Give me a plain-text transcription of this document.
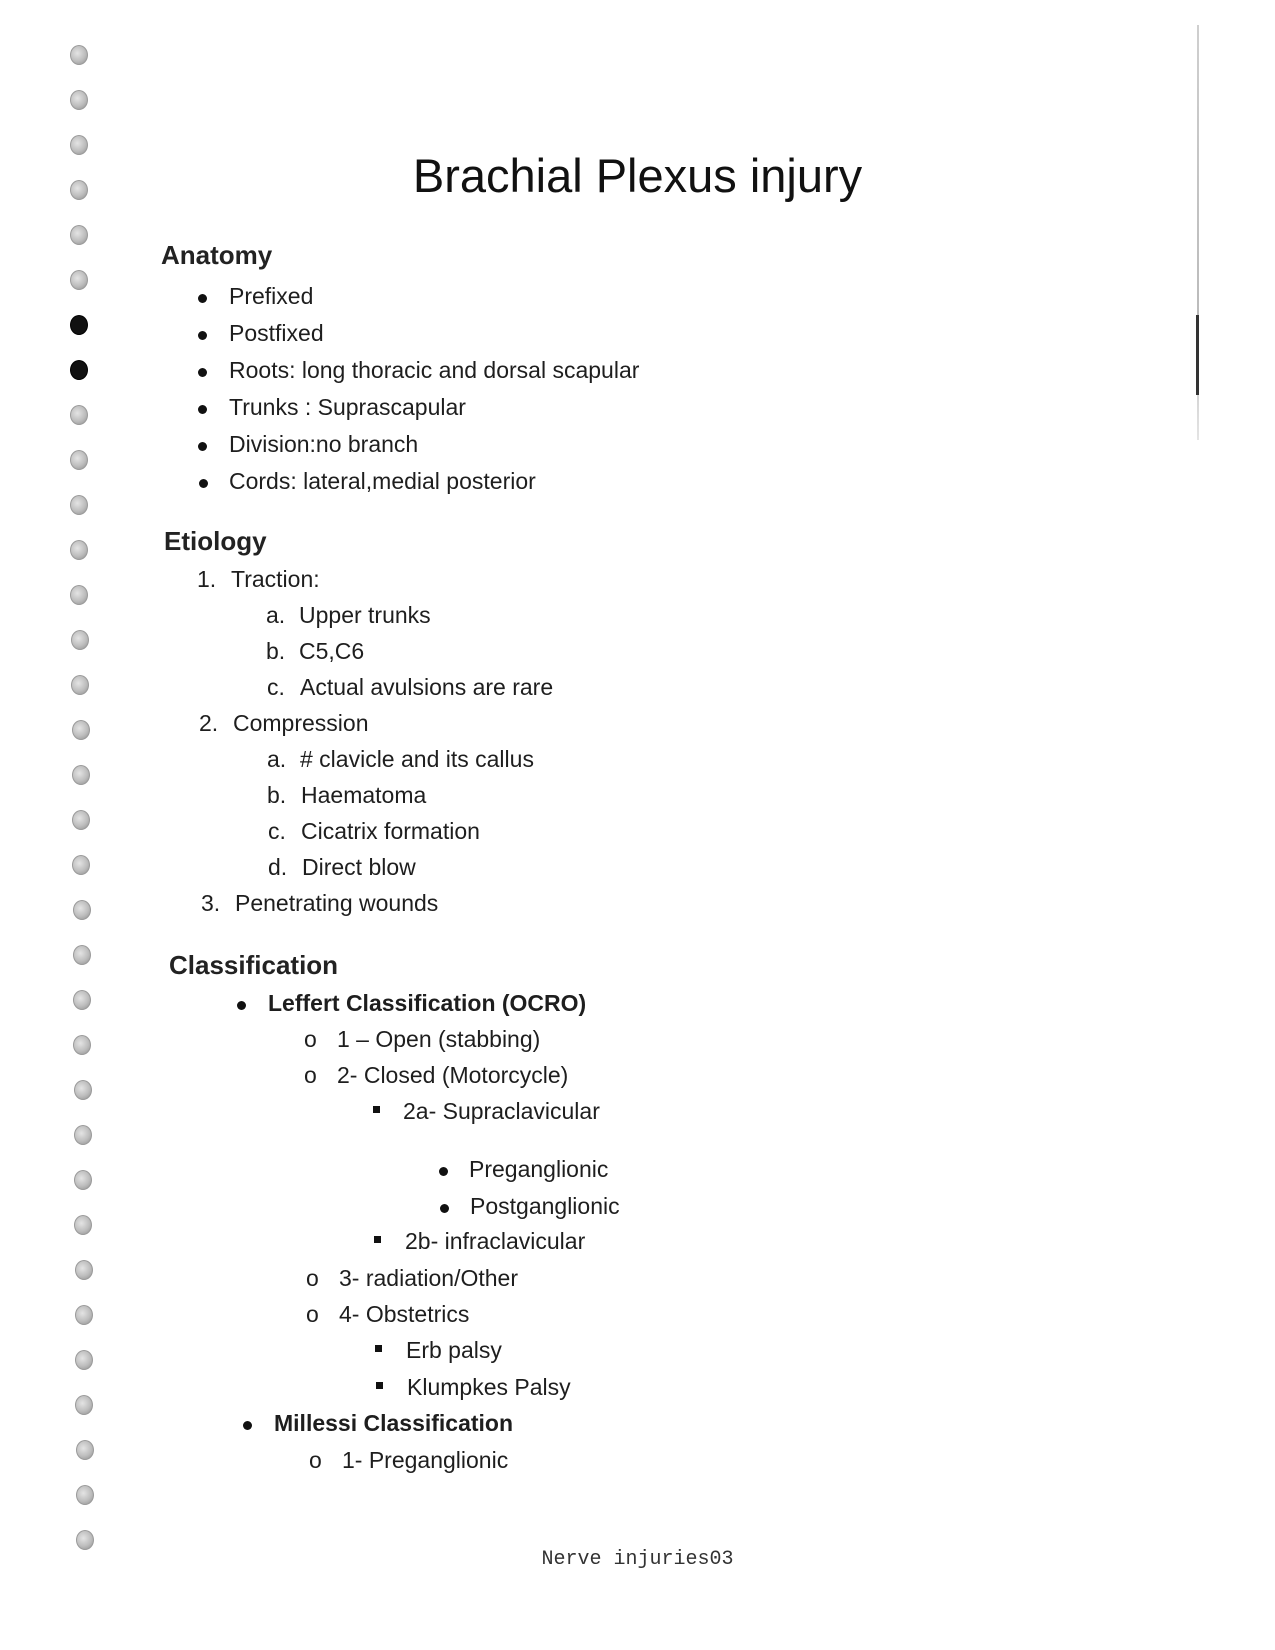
Brachial Plexus injury
Anatomy
Prefixed
Postfixed
Roots: long thoracic and dorsal scapular
Trunks : Suprascapular
Division:no branch
Cords: lateral,medial posterior
Etiology
1. Traction:
a. Upper trunks
b. C5,C6
c. Actual avulsions are rare
2. Compression
a. # clavicle and its callus
b. Haematoma
c. Cicatrix formation
d. Direct blow
3. Penetrating wounds
Classification
Leffert Classification (OCRO)
o 1 – Open (stabbing)
o 2- Closed (Motorcycle)
2a- Supraclavicular
Preganglionic
Postganglionic
2b- infraclavicular
o 3- radiation/Other
o 4- Obstetrics
Erb palsy
Klumpkes Palsy
Millessi Classification
o 1- Preganglionic
Nerve injuries03
